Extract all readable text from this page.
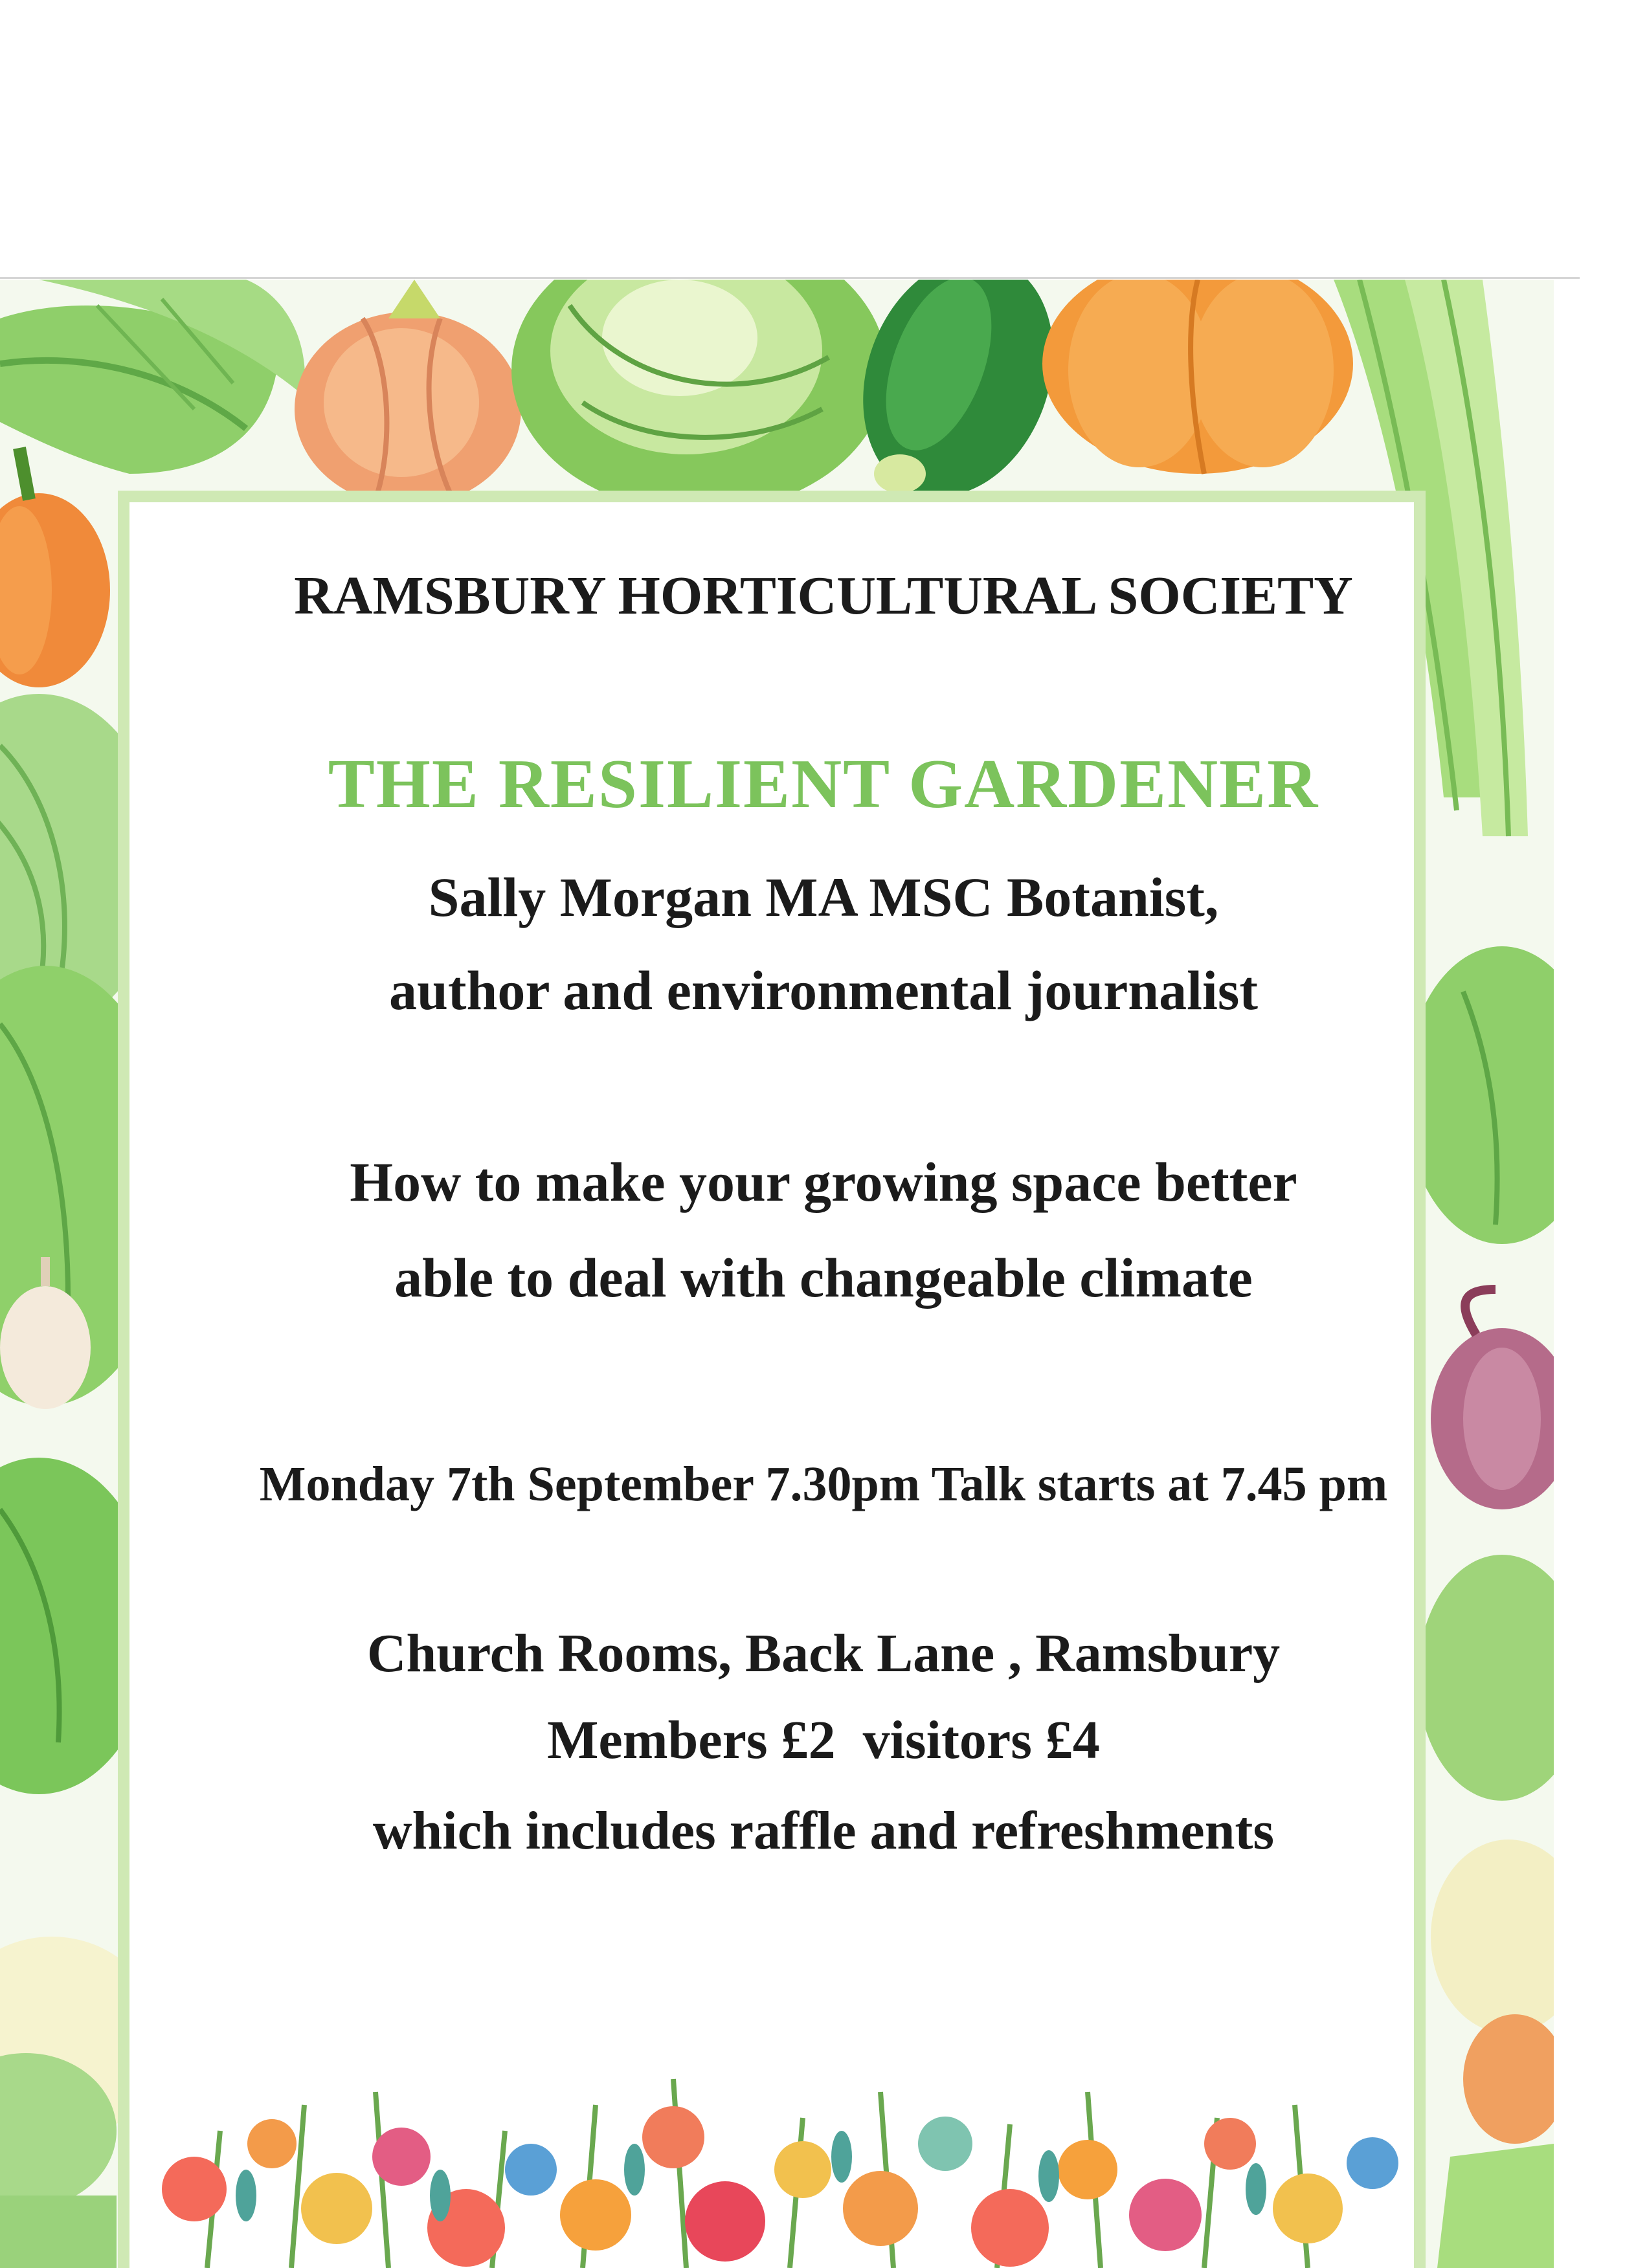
RAMSBURY HORTICULTURAL SOCIETY
THE RESILIENT GARDENER

Sally Morgan MA MSC Botanist,

author and environmental journalist

How to make your growing space better

able to deal with changeable climate

Monday 7th September 7.30pm Talk starts at 7.45 pm

Church Rooms, Back Lane , Ramsbury

Members £2  visitors £4

which includes raffle and refreshments
